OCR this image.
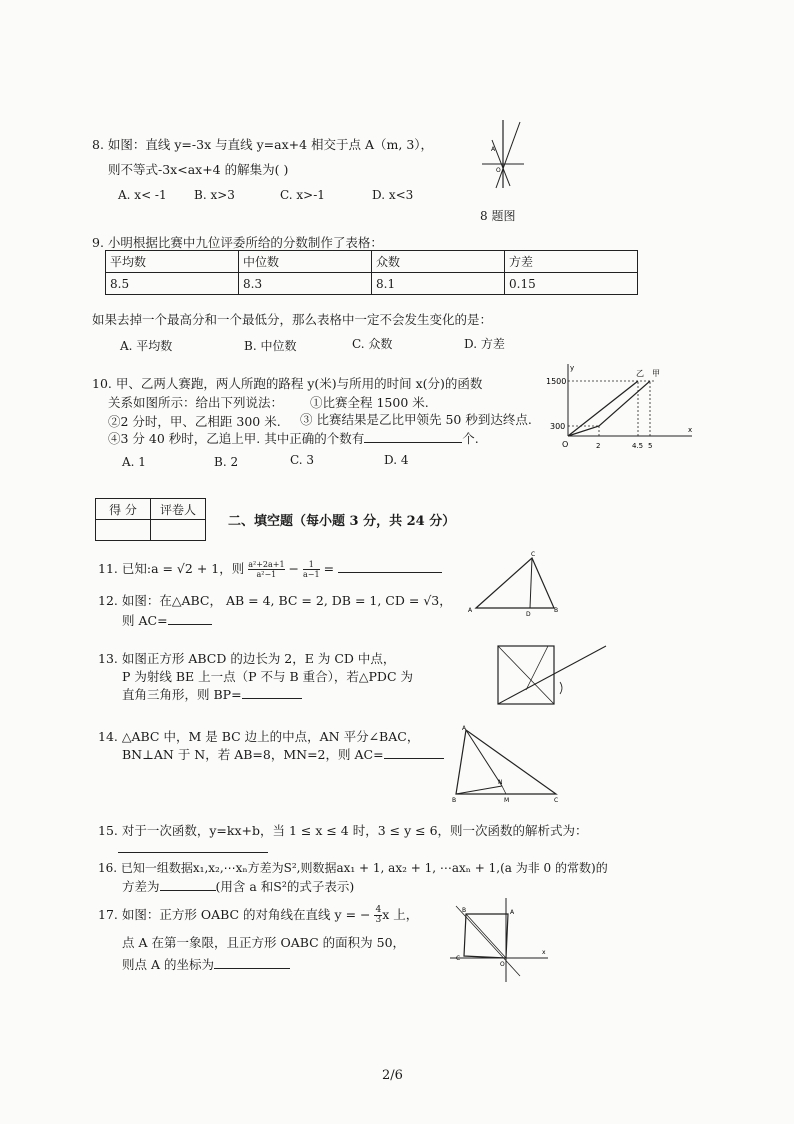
8. 如图：直线 y=-3x 与直线 y=ax+4 相交于点 A（m, 3），
则不等式-3x<ax+4 的解集为( )
A. x< -1 B. x>3	C. x>-1	D. x<3
A
O
8 题图
9. 小明根据比赛中九位评委所给的分数制作了表格：
平均数	中位数	众数	方差
8.5	8.3	8.1	0.15
如果去掉一个最高分和一个最低分，那么表格中一定不会发生变化的是：
A. 平均数	B. 中位数	C. 众数	D. 方差
10. 甲、乙两人赛跑，两人所跑的路程 y(米)与所用的时间 x(分)的函数
关系如图所示：给出下列说法： ①比赛全程 1500 米.
②2 分时，甲、乙相距 300 米. ③ 比赛结果是乙比甲领先 50 秒到达终点.
④3 分 40 秒时，乙追上甲. 其中正确的个数有	个.
A. 1	B. 2	C. 3	D. 4
1500
300
O	2	4.5 5
y
x
乙 甲
得 分	评卷人

二、填空题（每小题 3 分，共 24 分）
11. 已知:a = √2 + 1，则 $\frac{\text{a²+2a+1}}{\text{a²−1}} - \frac{1}{a-1}$ =
12. 如图：在△ABC， AB = 4, BC = 2, DB = 1, CD = √3，
则 AC=
A
C
D
B
13. 如图正方形 ABCD 的边长为 2，E 为 CD 中点，
P 为射线 BE 上一点（P 不与 B 重合），若△PDC 为
直角三角形，则 BP=
14. △ABC 中，M 是 BC 边上的中点，AN 平分∠BAC，
BN⊥AN 于 N，若 AB=8，MN=2，则 AC=
A
B	M
N
C
15. 对于一次函数，y=kx+b，当 1 ≤ x ≤ 4 时，3 ≤ y ≤ 6，则一次函数的解析式为：
16. 已知一组数据x₁,x₂,⋯xₙ方差为S²,则数据ax₁ + 1, ax₂ + 1, ⋯axₙ + 1,(a 为非 0 的常数)的
方差为	(用含 a 和S²的式子表示)
17. 如图：正方形 OABC 的对角线在直线 y = − $\frac{4}{3}$ x 上，
点 A 在第一象限，且正方形 OABC 的面积为 50，
则点 A 的坐标为
B	A
C
O
x
2/6
